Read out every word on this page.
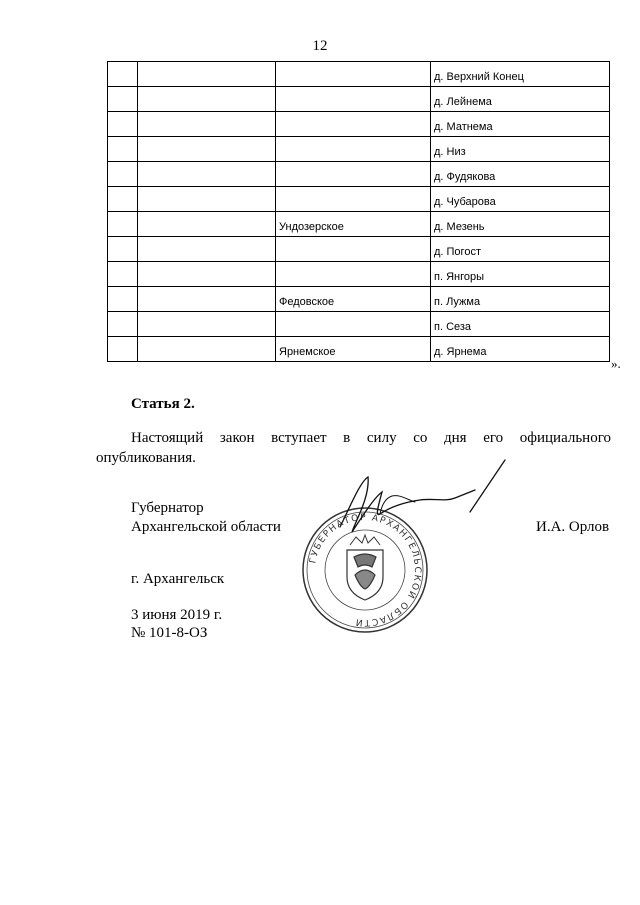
12
			д. Верхний Конец
			д. Лейнема
			д. Матнема
			д. Низ
			д. Фудякова
			д. Чубарова
		Ундозерское	д. Мезень
			д. Погост
			п. Янгоры
		Федовское	п. Лужма
			п. Сеза
		Ярнемское	д. Ярнема
».
Статья 2.

Настоящий закон вступает в силу со дня его официального опубликования.

Губернатор
Архангельской области	И.А. Орлов
г. Архангельск
3 июня 2019 г.
№ 101-8-ОЗ
ГУБЕРНАТОР АРХАНГЕЛЬСКОЙ ОБЛАСТИ
